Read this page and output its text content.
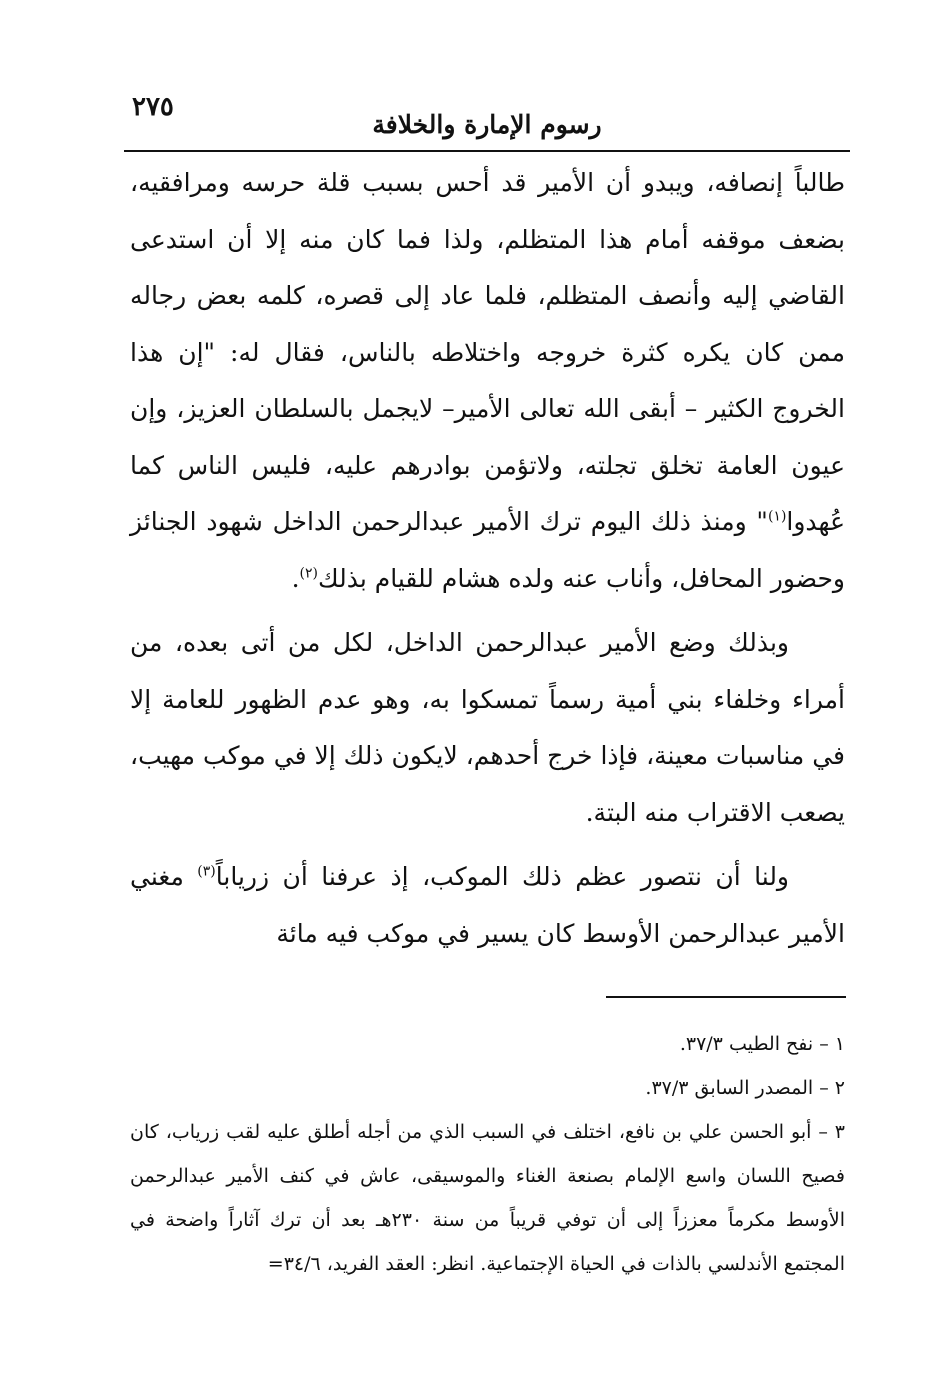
٢٧٥
رسوم الإمارة والخلافة

طالباً إنصافه، ويبدو أن الأمير قد أحس بسبب قلة حرسه ومرافقيه، بضعف موقفه أمام هذا المتظلم، ولذا فما كان منه إلا أن استدعى القاضي إليه وأنصف المتظلم، فلما عاد إلى قصره، كلمه بعض رجاله ممن كان يكره كثرة خروجه واختلاطه بالناس، فقال له: "إن هذا الخروج الكثير – أبقى الله تعالى الأمير– لايجمل بالسلطان العزيز، وإن عيون العامة تخلق تجلته، ولاتؤمن بوادرهم عليه، فليس الناس كما عُهدوا$^{(١)}$" ومنذ ذلك اليوم ترك الأمير عبدالرحمن الداخل شهود الجنائز وحضور المحافل، وأناب عنه ولده هشام للقيام بذلك$^{(٢)}$.

وبذلك وضع الأمير عبدالرحمن الداخل، لكل من أتى بعده، من أمراء وخلفاء بني أمية رسماً تمسكوا به، وهو عدم الظهور للعامة إلا في مناسبات معينة، فإذا خرج أحدهم، لايكون ذلك إلا في موكب مهيب، يصعب الاقتراب منه البتة.

ولنا أن نتصور عظم ذلك الموكب، إذ عرفنا أن زرياباً$^{(٣)}$ مغني الأمير عبدالرحمن الأوسط كان يسير في موكب فيه مائة

١ – نفح الطيب ٣٧/٣.

٢ – المصدر السابق ٣٧/٣.

٣ – أبو الحسن علي بن نافع، اختلف في السبب الذي من أجله أطلق عليه لقب زرياب، كان فصيح اللسان واسع الإلمام بصنعة الغناء والموسيقى، عاش في كنف الأمير عبدالرحمن الأوسط مكرماً معززاً إلى أن توفي قريباً من سنة ٢٣٠هـ بعد أن ترك آثاراً واضحة في المجتمع الأندلسي بالذات في الحياة الإجتماعية. انظر: العقد الفريد، ٣٤/٦=
